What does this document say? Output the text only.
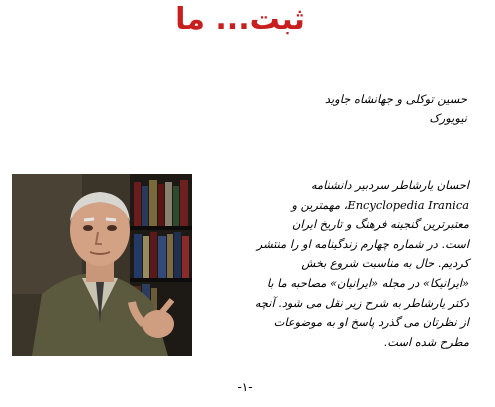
ثبت... ما
حسین توکلی و جهانشاه جاوید
نیویورک
احسان یارشاطر سردبیر دانشنامه
Encyclopedia Iranica، مهمترین و
معتبرترین گنجینه فرهنگ و تاریخ ایران
است. در شماره چهارم زندگینامه او را منتشر
کردیم. حال به مناسبت شروع بخش
«ایرانیکا» در مجله «ایرانیان» مصاحبه ما با
دکتر یارشاطر به شرح زیر نقل می شود. آنچه
از نظرتان می گذرد پاسخ او به موضوعات
مطرح شده است.
-۱-
